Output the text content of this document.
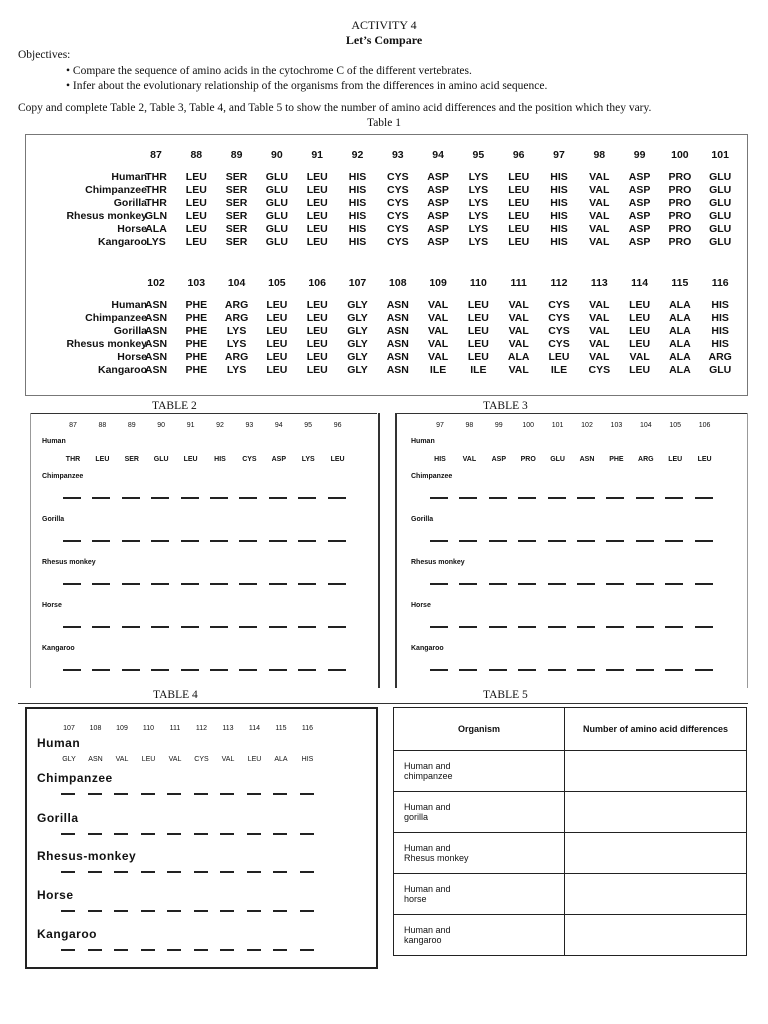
ACTIVITY 4
Let’s Compare
Objectives:
• Compare the sequence of amino acids in the cytochrome C of the different vertebrates.
• Infer about the evolutionary relationship of the organisms from the differences in amino acid sequence.
Copy and complete Table 2, Table 3, Table 4, and Table 5 to show the number of amino acid differences and the position which they vary.
Table 1
87	88	89	90	91	92	93	94	95	96	97	98	99	100	101
Human
THR	LEU	SER	GLU	LEU	HIS	CYS	ASP	LYS	LEU	HIS	VAL	ASP	PRO	GLU
Chimpanzee
THR	LEU	SER	GLU	LEU	HIS	CYS	ASP	LYS	LEU	HIS	VAL	ASP	PRO	GLU
Gorilla
THR	LEU	SER	GLU	LEU	HIS	CYS	ASP	LYS	LEU	HIS	VAL	ASP	PRO	GLU
Rhesus monkey
GLN	LEU	SER	GLU	LEU	HIS	CYS	ASP	LYS	LEU	HIS	VAL	ASP	PRO	GLU
Horse
ALA	LEU	SER	GLU	LEU	HIS	CYS	ASP	LYS	LEU	HIS	VAL	ASP	PRO	GLU
Kangaroo LYS	LEU	SER	GLU	LEU	HIS	CYS	ASP	LYS	LEU	HIS	VAL	ASP	PRO	GLU
102	103	104	105	106	107	108	109	110	111	112	113	114	115	116
Human
ASN	PHE	ARG	LEU	LEU	GLY	ASN	VAL	LEU	VAL	CYS	VAL	LEU	ALA	HIS
Chimpanzee
ASN	PHE	ARG	LEU	LEU	GLY	ASN	VAL	LEU	VAL	CYS	VAL	LEU	ALA	HIS
Gorilla
ASN	PHE	LYS	LEU	LEU	GLY	ASN	VAL	LEU	VAL	CYS	VAL	LEU	ALA	HIS
Rhesus monkey
ASN	PHE	LYS	LEU	LEU	GLY	ASN	VAL	LEU	VAL	CYS	VAL	LEU	ALA	HIS
Horse
ASN	PHE	ARG	LEU	LEU	GLY	ASN	VAL	LEU	ALA	LEU	VAL	VAL	ALA	ARG
Kangaroo
ASN	PHE	LYS	LEU	LEU	GLY	ASN	ILE	ILE	VAL	ILE	CYS	LEU	ALA	GLU
TABLE 2	TABLE 3
TABLE 4	TABLE 5
107	108	109	110	111	112	113	114	115	116
Human
GLY	ASN	VAL	LEU	VAL	CYS	VAL	LEU	ALA	HIS
Chimpanzee
Gorilla
Rhesus-monkey
Horse
Kangaroo
Organism	Number of amino acid differences
Human and
chimpanzee	
Human and
gorilla	
Human and
Rhesus monkey	
Human and
horse	
Human and
kangaroo	
87	88	89	90	91	92	93	94	95	96
Human
THR	LEU	SER	GLU	LEU	HIS	CYS	ASP	LYS	LEU
Chimpanzee
Gorilla
Rhesus monkey
Horse
Kangaroo
97	98	99	100	101	102	103	104	105	106
Human
HIS	VAL	ASP	PRO	GLU	ASN	PHE	ARG	LEU	LEU
Chimpanzee
Gorilla
Rhesus monkey
Horse
Kangaroo
